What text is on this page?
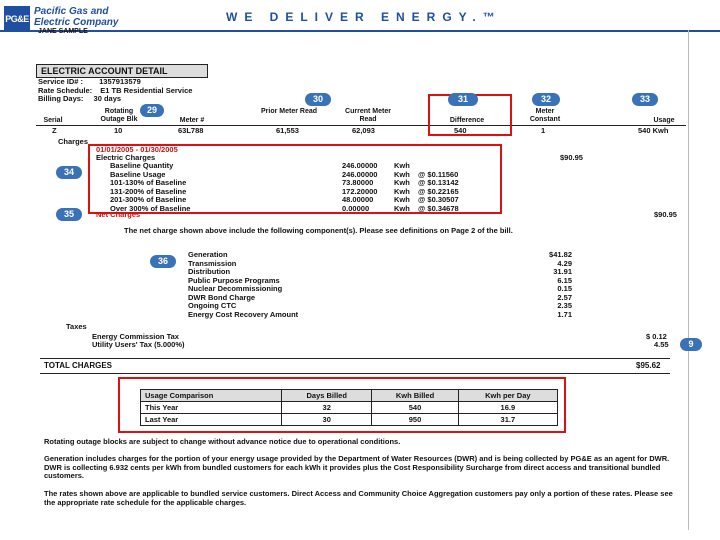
PG&E
Pacific Gas and
Electric Company	WE DELIVER ENERGY.™
JANE SAMPLE
ELECTRIC ACCOUNT DETAIL
Service ID# : 1357913579
Rate Schedule: E1 TB Residential Service
Billing Days: 30 days
Serial
Rotating Outage Blk	Meter #
Prior Meter Read	Current Meter Read	Difference
Meter Constant	Usage
Z	10	63L788	61,553	62,093	540	1	540 Kwh
29
30	31	32	33
Charges
01/01/2005 - 01/30/2005
Electric Charges	$90.95
Baseline Quantity	246.00000	Kwh
Baseline Usage	246.00000	Kwh	@ $0.11560
101-130% of Baseline	73.80000	Kwh	@ $0.13142
131-200% of Baseline	172.20000	Kwh	@ $0.22165
201-300% of Baseline	48.00000	Kwh	@ $0.30507
Over 300% of Baseline	0.00000	Kwh	@ $0.34678
Net Charges	$90.95
The net charge shown above include the following component(s). Please see definitions on Page 2 of the bill.
34
35
36
Generation	$41.82
Transmission	4.29
Distribution	31.91
Public Purpose Programs	6.15
Nuclear Decommissioning	0.15
DWR Bond Charge	2.57
Ongoing CTC	2.35
Energy Cost Recovery Amount	1.71
Taxes
Energy Commission Tax	$ 0.12
Utility Users' Tax (5.000%)	4.55	9
TOTAL CHARGES	$95.62
Usage Comparison	Days Billed	Kwh Billed	Kwh per Day
This Year	32	540	16.9
Last Year	30	950	31.7
Rotating outage blocks are subject to change without advance notice due to operational conditions.
Generation includes charges for the portion of your energy usage provided by the Department of Water Resources (DWR) and is being collected by PG&E as an agent for DWR. DWR is collecting 6.932 cents per kWh from bundled customers for each kWh it provides plus the Cost Responsibility Surcharge from direct access and transitional bundled customers.
The rates shown above are applicable to bundled service customers. Direct Access and Community Choice Aggregation customers pay only a portion of these rates. Please see the appropriate rate schedule for the applicable charges.
